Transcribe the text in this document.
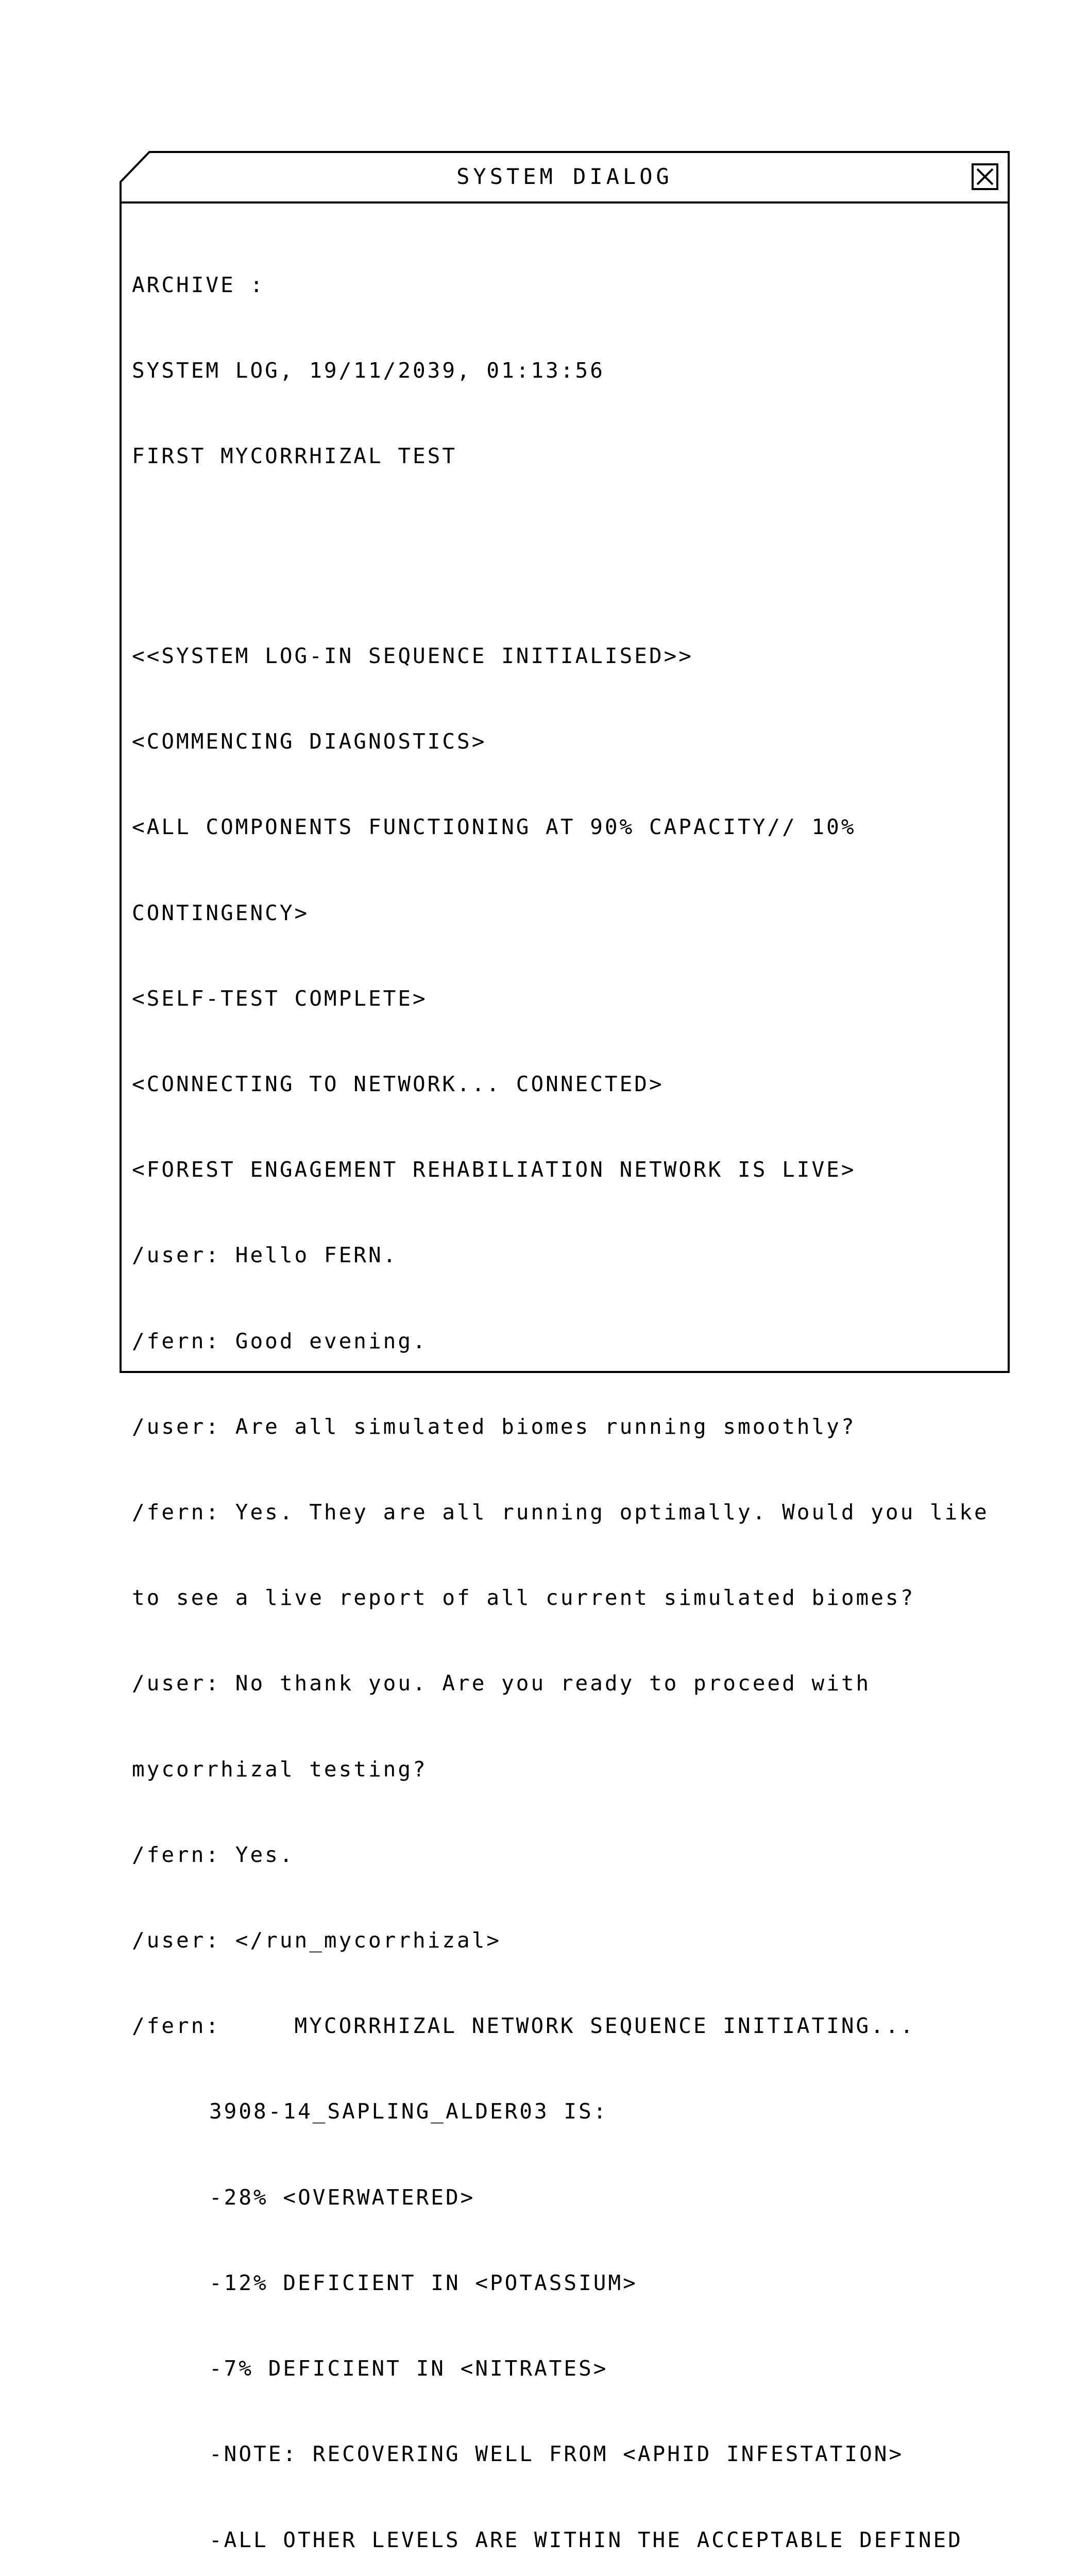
SYSTEM DIALOG

ARCHIVE :

SYSTEM LOG, 19/11/2039, 01:13:56

FIRST MYCORRHIZAL TEST

<<SYSTEM LOG-IN SEQUENCE INITIALISED>>

<COMMENCING DIAGNOSTICS>

<ALL COMPONENTS FUNCTIONING AT 90% CAPACITY// 10%

CONTINGENCY>

<SELF-TEST COMPLETE>

<CONNECTING TO NETWORK... CONNECTED>

<FOREST ENGAGEMENT REHABILIATION NETWORK IS LIVE>

/user: Hello FERN.

/fern: Good evening.

/user: Are all simulated biomes running smoothly?

/fern: Yes. They are all running optimally. Would you like

to see a live report of all current simulated biomes?

/user: No thank you. Are you ready to proceed with

mycorrhizal testing?

/fern: Yes.

/user: </run_mycorrhizal>

/fern:     MYCORRHIZAL NETWORK SEQUENCE INITIATING...

3908-14_SAPLING_ALDER03 IS:

-28% <OVERWATERED>

-12% DEFICIENT IN <POTASSIUM>

-7% DEFICIENT IN <NITRATES>

-NOTE: RECOVERING WELL FROM <APHID INFESTATION>

-ALL OTHER LEVELS ARE WITHIN THE ACCEPTABLE DEFINED
